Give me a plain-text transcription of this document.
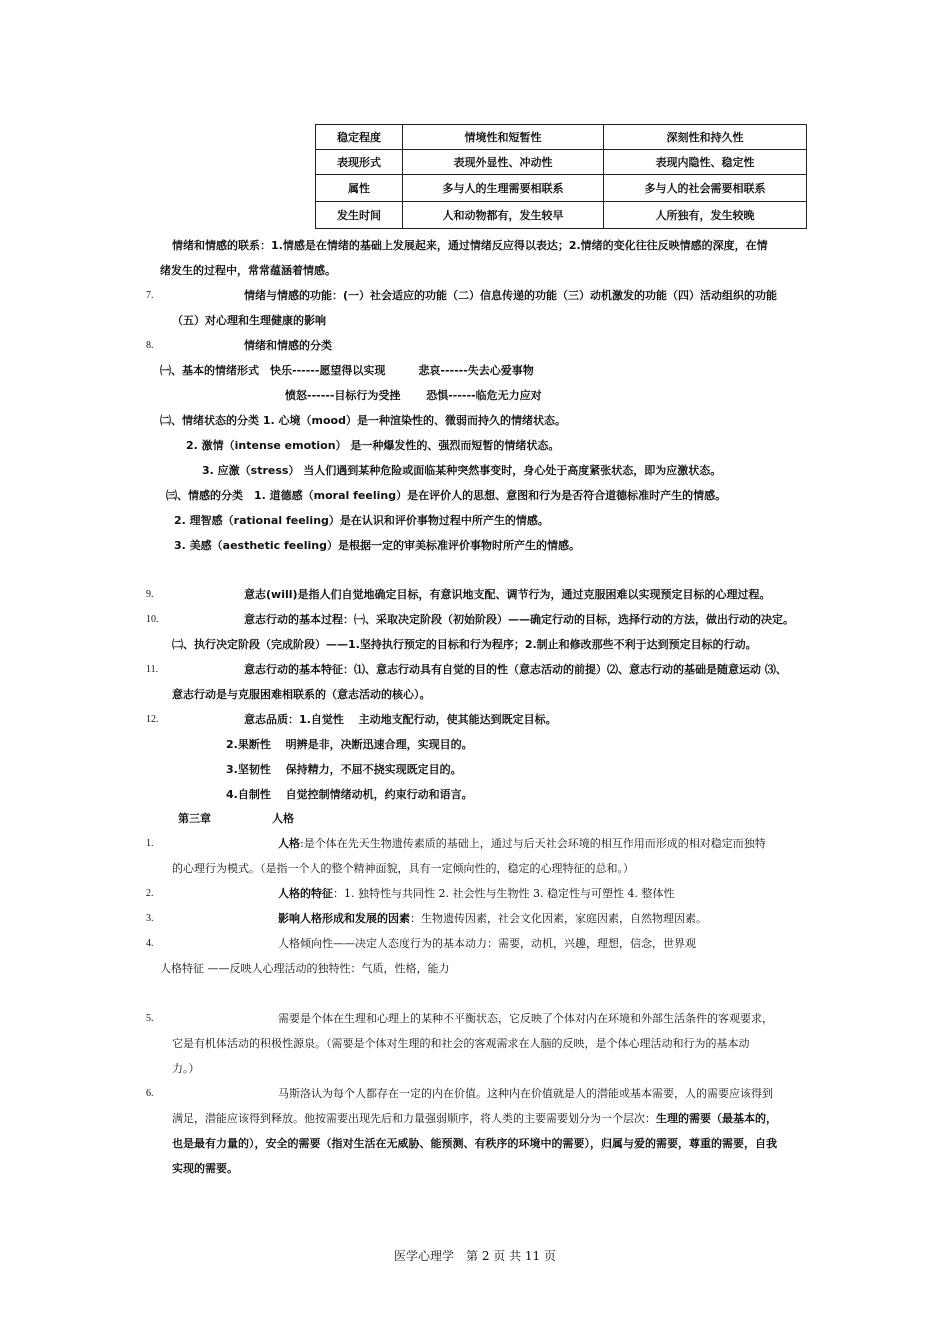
稳定程度	情境性和短暂性	深刻性和持久性
表现形式	表现外显性、冲动性	表现内隐性、稳定性
属性	多与人的生理需要相联系	多与人的社会需要相联系
发生时间	人和动物都有，发生较早	人所独有，发生较晚
情绪和情感的联系：1.情感是在情绪的基础上发展起来，通过情绪反应得以表达；2.情绪的变化往往反映情感的深度，在情
绪发生的过程中，常常蕴涵着情感。
7.	情绪与情感的功能：(一）社会适应的功能（二）信息传递的功能（三）动机激发的功能（四）活动组织的功能
（五）对心理和生理健康的影响
8.	情绪和情感的分类
㈠、基本的情绪形式　快乐------愿望得以实现　　　悲哀------失去心爱事物
愤怒------目标行为受挫　　 恐惧------临危无力应对
㈡、情绪状态的分类 1. 心境（mood）是一种渲染性的、微弱而持久的情绪状态。
2. 激情（intense emotion） 是一种爆发性的、强烈而短暂的情绪状态。
3. 应激（stress） 当人们遇到某种危险或面临某种突然事变时，身心处于高度紧张状态，即为应激状态。
㈢、情感的分类　1. 道德感（moral feeling）是在评价人的思想、意图和行为是否符合道德标准时产生的情感。
2. 理智感（rational feeling）是在认识和评价事物过程中所产生的情感。
3. 美感（aesthetic feeling）是根据一定的审美标准评价事物时所产生的情感。
9.	意志(will)是指人们自觉地确定目标，有意识地支配、调节行为，通过克服困难以实现预定目标的心理过程。
10.	意志行动的基本过程：㈠、采取决定阶段（初始阶段）——确定行动的目标，选择行动的方法，做出行动的决定。
㈡、执行决定阶段（完成阶段）——1.坚持执行预定的目标和行为程序；2.制止和修改那些不利于达到预定目标的行动。
11.	意志行动的基本特征：⑴、意志行动具有自觉的目的性（意志活动的前提）⑵、意志行动的基础是随意运动 ⑶、
意志行动是与克服困难相联系的（意志活动的核心）。
12.	意志品质：1.自觉性　 主动地支配行动，使其能达到既定目标。
2.果断性　 明辨是非，决断迅速合理，实现目的。
3.坚韧性　 保持精力，不屈不挠实现既定目的。
4.自制性　 自觉控制情绪动机，约束行动和语言。
第三章	人格
1.	人格:是个体在先天生物遗传素质的基础上，通过与后天社会环境的相互作用而形成的相对稳定而独特
的心理行为模式。（是指一个人的整个精神面貌，具有一定倾向性的，稳定的心理特征的总和。）
2.	人格的特征：1. 独特性与共同性 2. 社会性与生物性 3. 稳定性与可塑性 4. 整体性
3.	影响人格形成和发展的因素：生物遗传因素，社会文化因素，家庭因素，自然物理因素。
4.	人格倾向性——决定人态度行为的基本动力：需要，动机，兴趣，理想，信念，世界观
人格特征 ——反映人心理活动的独特性：气质，性格，能力
5.	需要是个体在生理和心理上的某种不平衡状态，它反映了个体对内在环境和外部生活条件的客观要求，
它是有机体活动的积极性源泉。（需要是个体对生理的和社会的客观需求在人脑的反映，是个体心理活动和行为的基本动
力。）
6.	马斯洛认为每个人都存在一定的内在价值。这种内在价值就是人的潜能或基本需要，人的需要应该得到
满足，潜能应该得到释放。他按需要出现先后和力量强弱顺序，将人类的主要需要划分为一个层次：生理的需要（最基本的，
也是最有力量的），安全的需要（指对生活在无威胁、能预测、有秩序的环境中的需要），归属与爱的需要，尊重的需要，自我
实现的需要。
医学心理学　第 2 页 共 11 页
